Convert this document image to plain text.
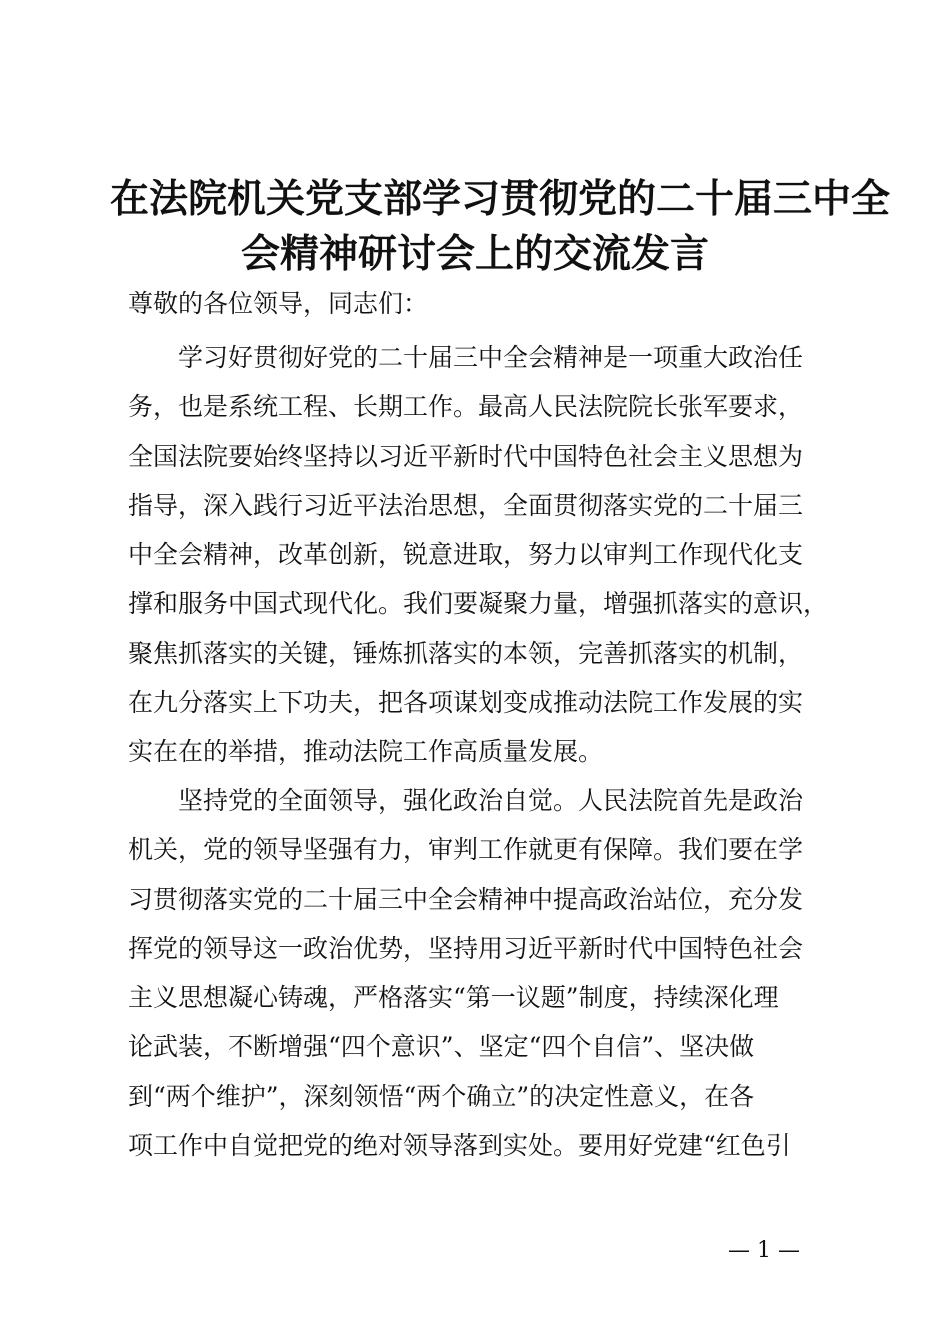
在法院机关党支部学习贯彻党的二十届三中全
会精神研讨会上的交流发言

尊敬的各位领导，同志们：

学习好贯彻好党的二十届三中全会精神是一项重大政治任
务，也是系统工程、长期工作。最高人民法院院长张军要求，
全国法院要始终坚持以习近平新时代中国特色社会主义思想为
指导，深入践行习近平法治思想，全面贯彻落实党的二十届三
中全会精神，改革创新，锐意进取，努力以审判工作现代化支
撑和服务中国式现代化。我们要凝聚力量，增强抓落实的意识，
聚焦抓落实的关键，锤炼抓落实的本领，完善抓落实的机制，
在九分落实上下功夫，把各项谋划变成推动法院工作发展的实
实在在的举措，推动法院工作高质量发展。
坚持党的全面领导，强化政治自觉。人民法院首先是政治
机关，党的领导坚强有力，审判工作就更有保障。我们要在学
习贯彻落实党的二十届三中全会精神中提高政治站位，充分发
挥党的领导这一政治优势，坚持用习近平新时代中国特色社会
主义思想凝心铸魂，严格落实“第一议题”制度，持续深化理
论武装，不断增强“四个意识”、坚定“四个自信”、坚决做
到“两个维护”，深刻领悟“两个确立”的决定性意义，在各
项工作中自觉把党的绝对领导落到实处。要用好党建“红色引
— 1 —
